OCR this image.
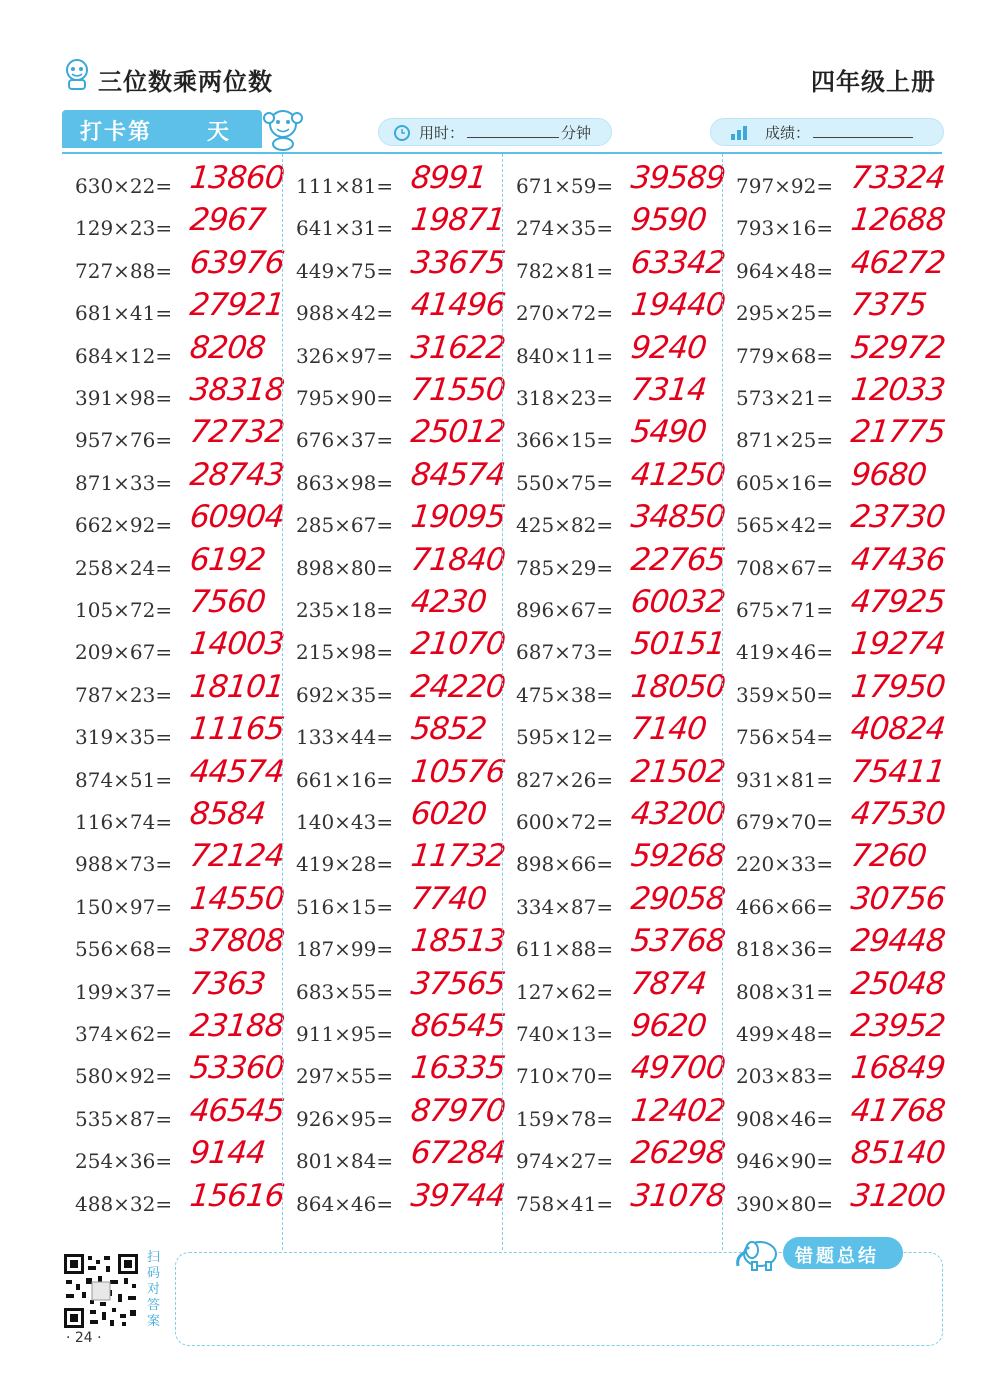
三位数乘两位数	四年级上册
打卡第 天	用时：	分钟	成绩：
630×22= 13860
129×23= 2967
727×88= 63976
681×41= 27921
684×12= 8208
391×98= 38318
957×76= 72732
871×33= 28743
662×92= 60904
258×24= 6192
105×72= 7560
209×67= 14003
787×23= 18101
319×35= 11165
874×51= 44574
116×74= 8584
988×73= 72124
150×97= 14550
556×68= 37808
199×37= 7363
374×62= 23188
580×92= 53360
535×87= 46545
254×36= 9144
488×32= 15616
111×81= 8991
641×31= 19871
449×75= 33675
988×42= 41496
326×97= 31622
795×90= 71550
676×37= 25012
863×98= 84574
285×67= 19095
898×80= 71840
235×18= 4230
215×98= 21070
692×35= 24220
133×44= 5852
661×16= 10576
140×43= 6020
419×28= 11732
516×15= 7740
187×99= 18513
683×55= 37565
911×95= 86545
297×55= 16335
926×95= 87970
801×84= 67284
864×46= 39744
671×59= 39589
274×35= 9590
782×81= 63342
270×72= 19440
840×11= 9240
318×23= 7314
366×15= 5490
550×75= 41250
425×82= 34850
785×29= 22765
896×67= 60032
687×73= 50151
475×38= 18050
595×12= 7140
827×26= 21502
600×72= 43200
898×66= 59268
334×87= 29058
611×88= 53768
127×62= 7874
740×13= 9620
710×70= 49700
159×78= 12402
974×27= 26298
758×41= 31078
797×92= 73324
793×16= 12688
964×48= 46272
295×25= 7375
779×68= 52972
573×21= 12033
871×25= 21775
605×16= 9680
565×42= 23730
708×67= 47436
675×71= 47925
419×46= 19274
359×50= 17950
756×54= 40824
931×81= 75411
679×70= 47530
220×33= 7260
466×66= 30756
818×36= 29448
808×31= 25048
499×48= 23952
203×83= 16849
908×46= 41768
946×90= 85140
390×80= 31200
扫码对答案
· 24 ·
错题总结
